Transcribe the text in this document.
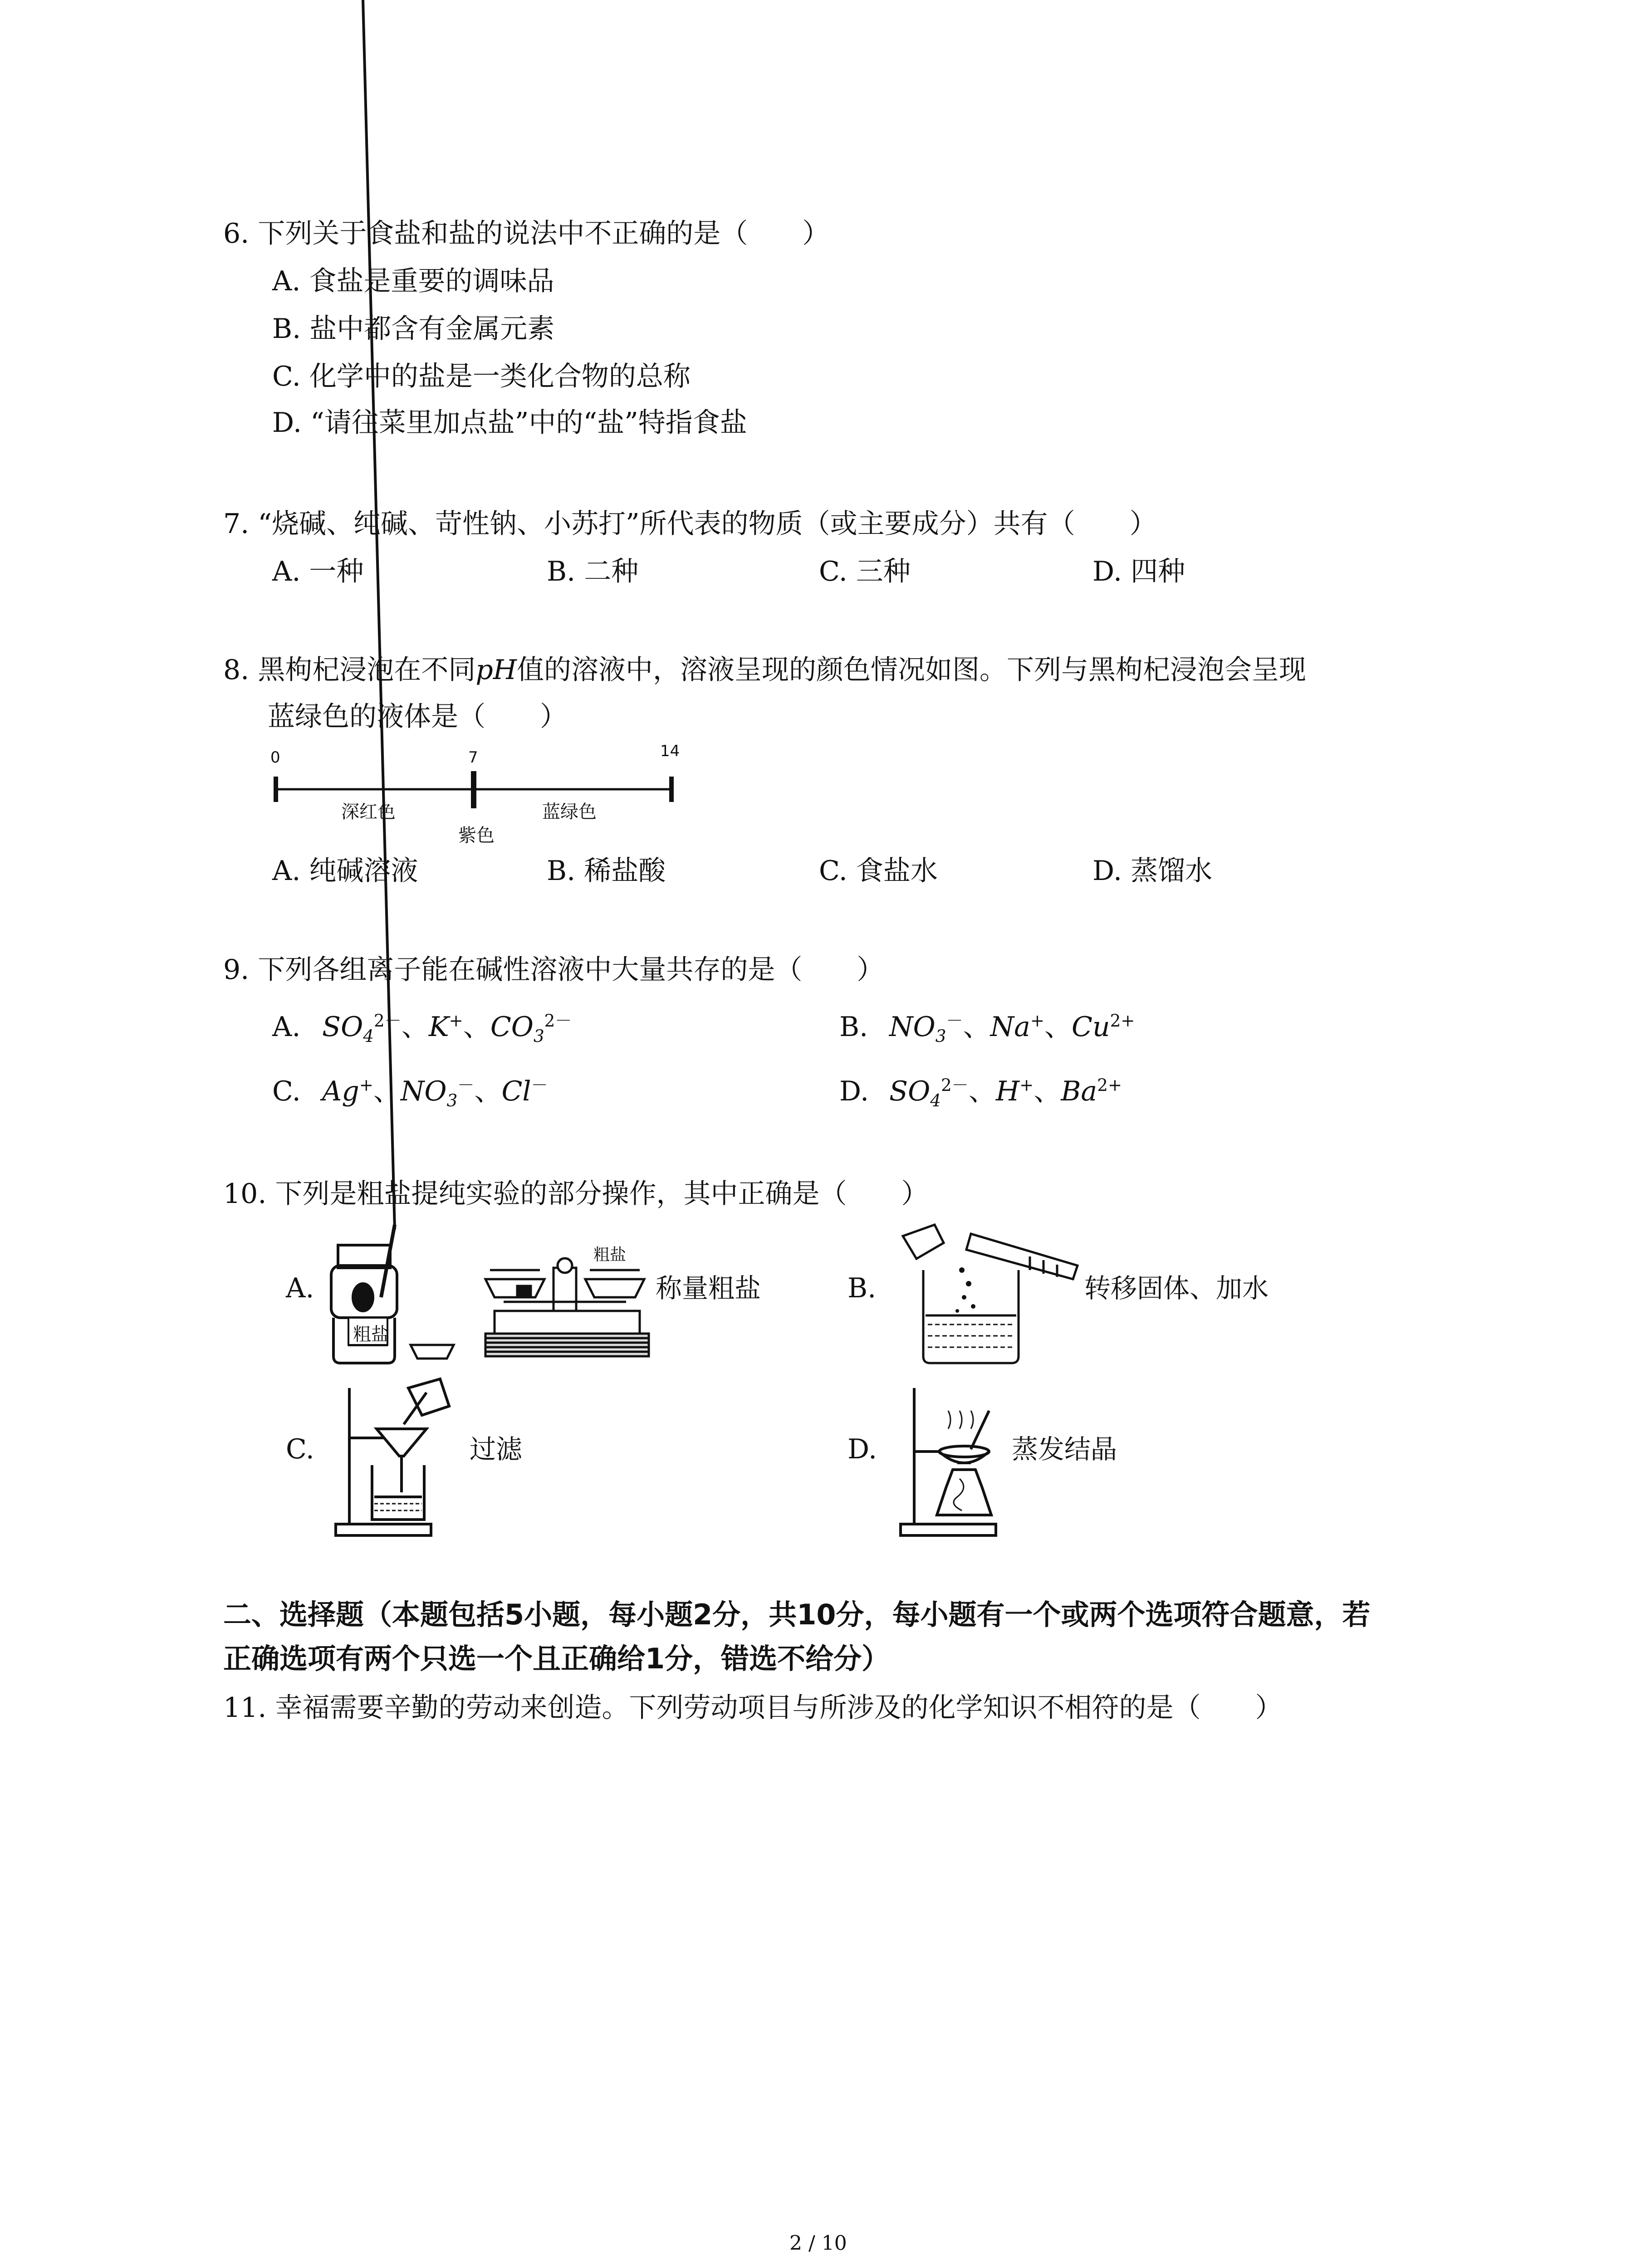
6. 下列关于食盐和盐的说法中不正确的是（　　）
A. 食盐是重要的调味品
B. 盐中都含有金属元素
C. 化学中的盐是一类化合物的总称
D. “请往菜里加点盐”中的“盐”特指食盐
7. “烧碱、纯碱、苛性钠、小苏打”所代表的物质（或主要成分）共有（　　）
A. 一种	B. 二种	C. 三种	D. 四种
8. 黑枸杞浸泡在不同pH值的溶液中，溶液呈现的颜色情况如图。下列与黑枸杞浸泡会呈现
蓝绿色的液体是（　　）
0	7	14
深红色
紫色
蓝绿色
A. 纯碱溶液	B. 稀盐酸	C. 食盐水	D. 蒸馏水
9. 下列各组离子能在碱性溶液中大量共存的是（　　）
A. $SO_4^{2-}$、K+、$CO_3^{2-}$	B. $NO_3^-$、Na+、$Cu^{2+}$
C. Ag+、$NO_3^-$、Cl－	D. $SO_4^{2-}$、H+、$Ba^{2+}$
10. 下列是粗盐提纯实验的部分操作，其中正确是（　　）
A.	B.
C.	D.
粗盐
粗盐
称量粗盐	转移固体、加水
过滤	蒸发结晶
二、选择题（本题包括5小题，每小题2分，共10分，每小题有一个或两个选项符合题意，若
正确选项有两个只选一个且正确给1分，错选不给分）
11. 幸福需要辛勤的劳动来创造。下列劳动项目与所涉及的化学知识不相符的是（　　）
2 / 10
